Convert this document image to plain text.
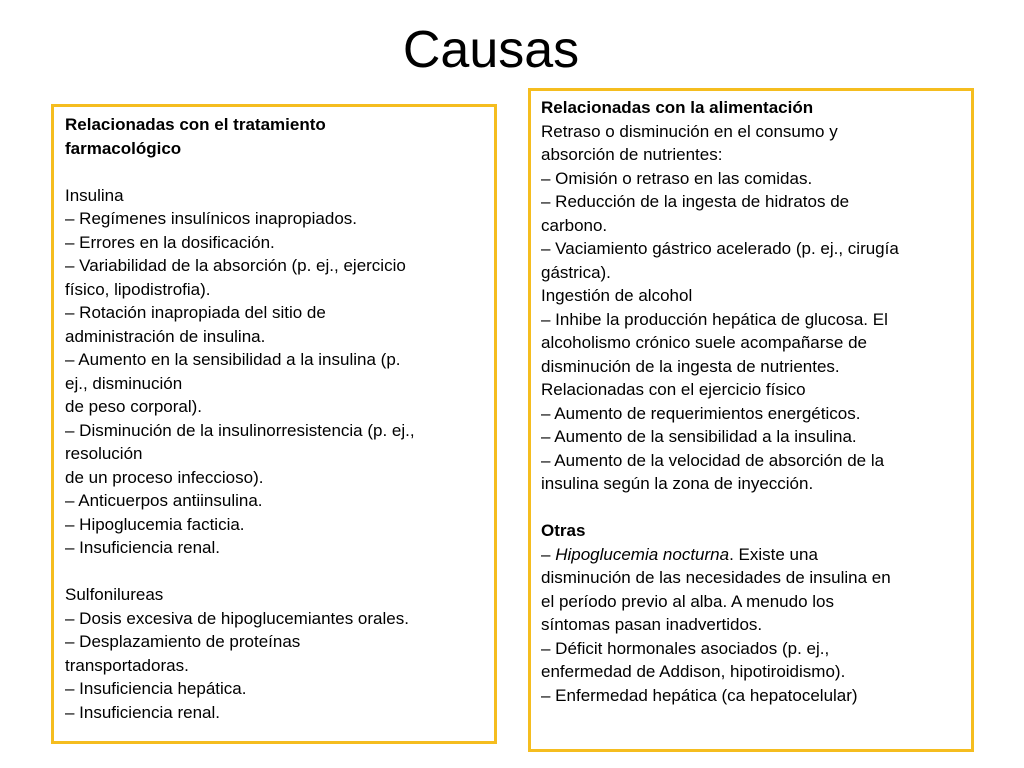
Causas
Relacionadas con el tratamiento
farmacológico
Insulina
– Regímenes insulínicos inapropiados.
– Errores en la dosificación.
– Variabilidad de la absorción (p. ej., ejercicio
físico, lipodistrofia).
– Rotación inapropiada del sitio de
administración de insulina.
– Aumento en la sensibilidad a la insulina (p.
ej., disminución
de peso corporal).
– Disminución de la insulinorresistencia (p. ej.,
resolución
de un proceso infeccioso).
– Anticuerpos antiinsulina.
– Hipoglucemia facticia.
– Insuficiencia renal.
Sulfonilureas
– Dosis excesiva de hipoglucemiantes orales.
– Desplazamiento de proteínas
transportadoras.
– Insuficiencia hepática.
– Insuficiencia renal.
Relacionadas con la alimentación
Retraso o disminución en el consumo y
absorción de nutrientes:
– Omisión o retraso en las comidas.
– Reducción de la ingesta de hidratos de
carbono.
– Vaciamiento gástrico acelerado (p. ej., cirugía
gástrica).
Ingestión de alcohol
– Inhibe la producción hepática de glucosa. El
alcoholismo crónico suele acompañarse de
disminución de la ingesta de nutrientes.
Relacionadas con el ejercicio físico
– Aumento de requerimientos energéticos.
– Aumento de la sensibilidad a la insulina.
– Aumento de la velocidad de absorción de la
insulina según la zona de inyección.
Otras
– Hipoglucemia nocturna. Existe una
disminución de las necesidades de insulina en
el período previo al alba. A menudo los
síntomas pasan inadvertidos.
– Déficit hormonales asociados (p. ej.,
enfermedad de Addison, hipotiroidismo).
– Enfermedad hepática (ca hepatocelular)
